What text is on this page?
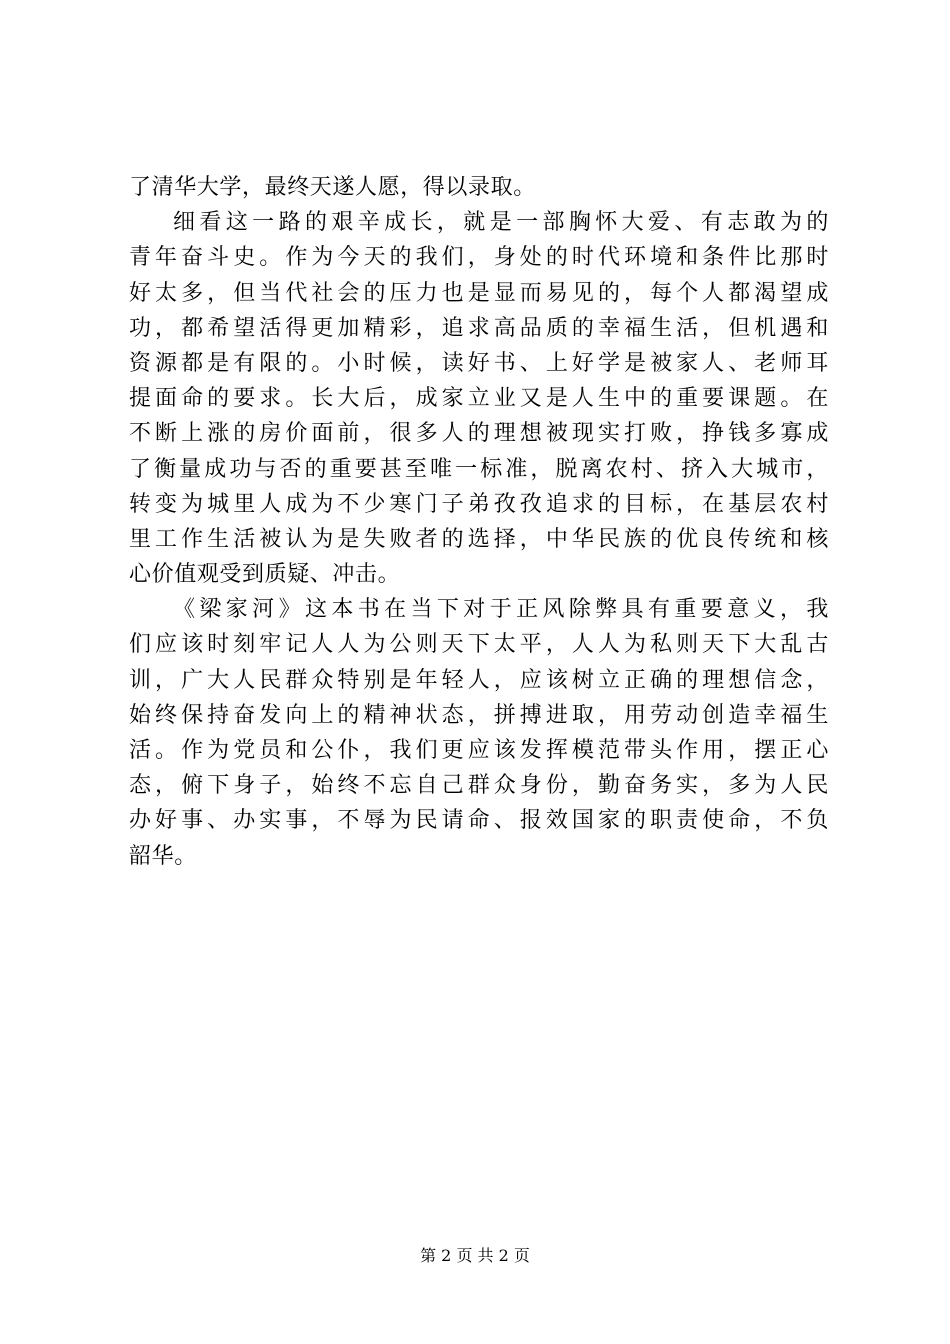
了清华大学，最终天遂人愿，得以录取。
细看这一路的艰辛成长，就是一部胸怀大爱、有志敢为的
青年奋斗史。作为今天的我们，身处的时代环境和条件比那时
好太多，但当代社会的压力也是显而易见的，每个人都渴望成
功，都希望活得更加精彩，追求高品质的幸福生活，但机遇和
资源都是有限的。小时候，读好书、上好学是被家人、老师耳
提面命的要求。长大后，成家立业又是人生中的重要课题。在
不断上涨的房价面前，很多人的理想被现实打败，挣钱多寡成
了衡量成功与否的重要甚至唯一标准，脱离农村、挤入大城市，
转变为城里人成为不少寒门子弟孜孜追求的目标，在基层农村
里工作生活被认为是失败者的选择，中华民族的优良传统和核
心价值观受到质疑、冲击。
《梁家河》这本书在当下对于正风除弊具有重要意义，我
们应该时刻牢记人人为公则天下太平，人人为私则天下大乱古
训，广大人民群众特别是年轻人，应该树立正确的理想信念，
始终保持奋发向上的精神状态，拼搏进取，用劳动创造幸福生
活。作为党员和公仆，我们更应该发挥模范带头作用，摆正心
态，俯下身子，始终不忘自己群众身份，勤奋务实，多为人民
办好事、办实事，不辱为民请命、报效国家的职责使命，不负
韶华。
第 2 页 共 2 页
